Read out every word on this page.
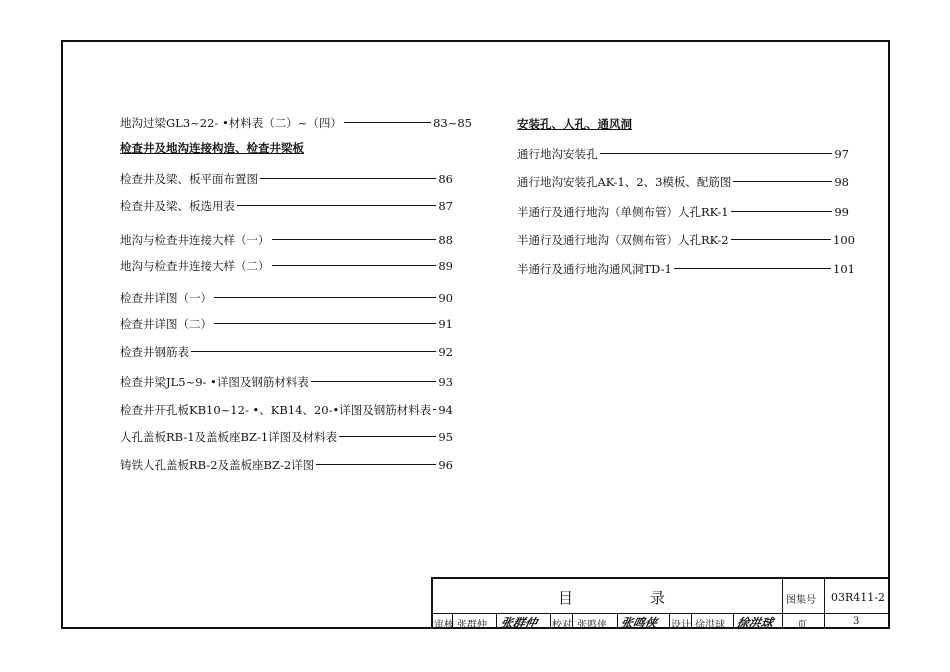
地沟过梁GL3~22- •材料表（二）~（四）	83~85
检查井及地沟连接构造、检查井梁板
检查井及梁、板平面布置图	86
检查井及梁、板选用表	87
地沟与检查井连接大样（一）	88
地沟与检查井连接大样（二）	89
检查井详图（一）	90
检查井详图（二）	91
检查井钢筋表	92
检查井梁JL5~9- •详图及钢筋材料表	93
检查井开孔板KB10~12- •、KB14、20-•详图及钢筋材料表 94
人孔盖板RB-1及盖板座BZ-1详图及材料表	95
铸铁人孔盖板RB-2及盖板座BZ-2详图	96
安装孔、人孔、通风洞
通行地沟安装孔	97
通行地沟安装孔AK-1、2、3模板、配筋图	98
半通行及通行地沟（单侧布管）人孔RK-1	99
半通行及通行地沟（双侧布管）人孔RK-2	100
半通行及通行地沟通风洞TD-1	101
目	录	图集号 03R411-2
审核 张群仲 张群仲 校对 张鸣侠 张鸣侠 设计 徐洪球 徐洪球 页	3
